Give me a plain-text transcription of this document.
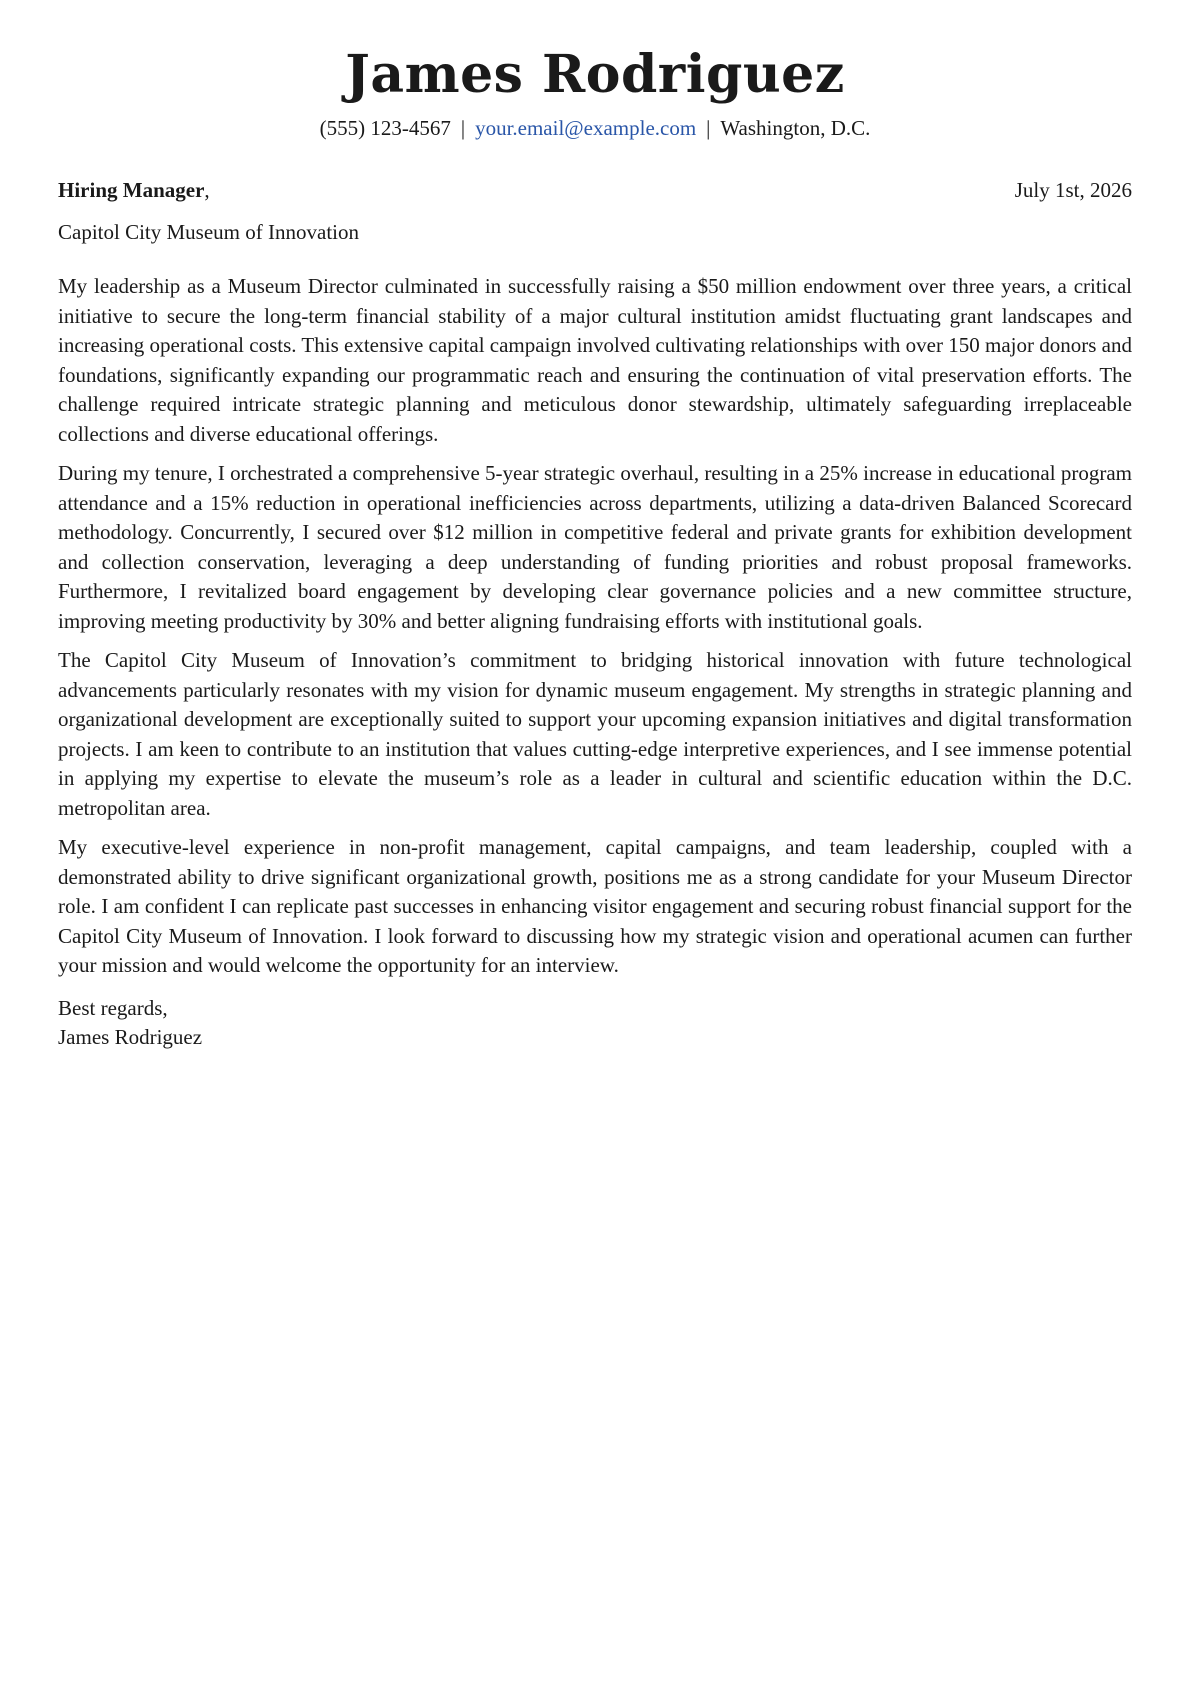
James Rodriguez
(555) 123-4567 | your.email@example.com | Washington, D.C.
Hiring Manager,	July 1st, 2026
Capitol City Museum of Innovation

My leadership as a Museum Director culminated in successfully raising a $50 million endowment over three years, a critical initiative to secure the long-term financial stability of a major cultural institution amidst fluctuating grant landscapes and increasing operational costs. This extensive capital campaign involved cultivating relationships with over 150 major donors and foundations, significantly expanding our programmatic reach and ensuring the continuation of vital preservation efforts. The challenge required intricate strategic planning and meticulous donor stewardship, ultimately safeguarding irreplaceable collections and diverse educational offerings.

During my tenure, I orchestrated a comprehensive 5-year strategic overhaul, resulting in a 25% increase in educational program attendance and a 15% reduction in operational inefficiencies across departments, utilizing a data-driven Balanced Scorecard methodology. Concurrently, I secured over $12 million in competitive federal and private grants for exhibition development and collection conservation, leveraging a deep understanding of funding priorities and robust proposal frameworks. Furthermore, I revitalized board engagement by developing clear governance policies and a new committee structure, improving meeting productivity by 30% and better aligning fundraising efforts with institutional goals.

The Capitol City Museum of Innovation’s commitment to bridging historical innovation with future technological advancements particularly resonates with my vision for dynamic museum engagement. My strengths in strategic planning and organizational development are exceptionally suited to support your upcoming expansion initiatives and digital transformation projects. I am keen to contribute to an institution that values cutting-edge interpretive experiences, and I see immense potential in applying my expertise to elevate the museum’s role as a leader in cultural and scientific education within the D.C. metropolitan area.

My executive-level experience in non-profit management, capital campaigns, and team leadership, coupled with a demonstrated ability to drive significant organizational growth, positions me as a strong candidate for your Museum Director role. I am confident I can replicate past successes in enhancing visitor engagement and securing robust financial support for the Capitol City Museum of Innovation. I look forward to discussing how my strategic vision and operational acumen can further your mission and would welcome the opportunity for an interview.

Best regards,
James Rodriguez
